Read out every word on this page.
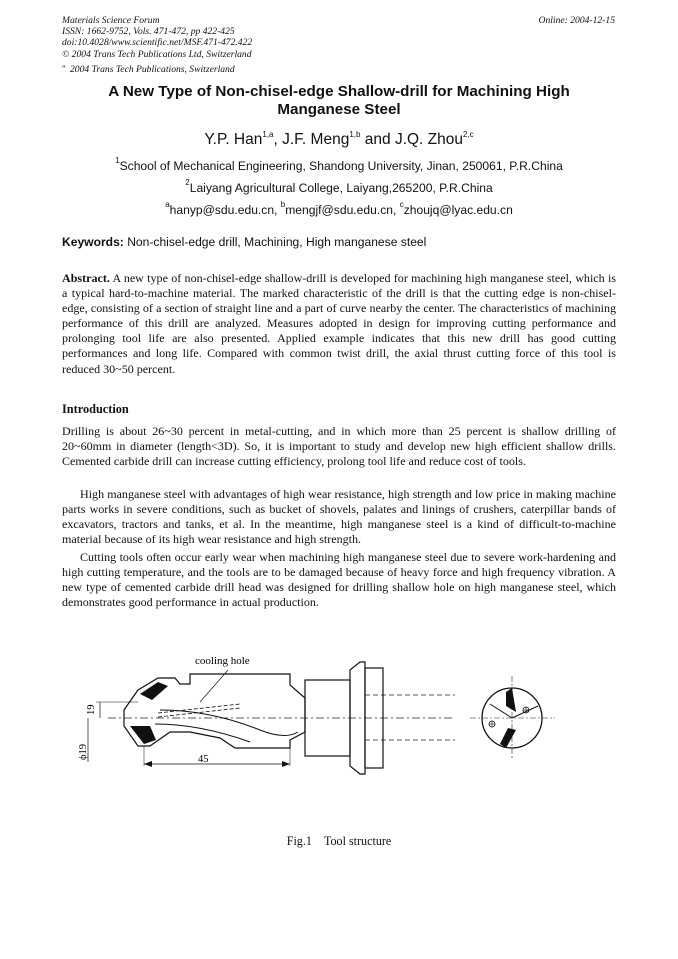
Materials Science Forum
ISSN: 1662-9752, Vols. 471-472, pp 422-425
doi:10.4028/www.scientific.net/MSF.471-472.422
© 2004 Trans Tech Publications Ltd, Switzerland
″ 2004 Trans Tech Publications, Switzerland
Online: 2004-12-15
A New Type of Non-chisel-edge Shallow-drill for Machining High
Manganese Steel
Y.P. Han$^{1,a}$, J.F. Meng$^{1,b}$ and J.Q. Zhou$^{2,c}$
$^1$School of Mechanical Engineering, Shandong University, Jinan, 250061, P.R.China
$^2$Laiyang Agricultural College, Laiyang,265200, P.R.China
$^a$hanyp@sdu.edu.cn, $^b$mengjf@sdu.edu.cn, $^c$zhoujq@lyac.edu.cn
Keywords: Non-chisel-edge drill, Machining, High manganese steel
Abstract. A new type of non-chisel-edge shallow-drill is developed for machining high manganese steel, which is a typical hard-to-machine material. The marked characteristic of the drill is that the cutting edge is non-chisel-edge, consisting of a section of straight line and a part of curve nearby the center. The characteristics of machining performance of this drill are analyzed. Measures adopted in design for improving cutting performance and prolonging tool life are also presented. Applied example indicates that this new drill has good cutting performances and long life. Compared with common twist drill, the axial thrust cutting force of this tool is reduced 30~50 percent.
Introduction
Drilling is about 26~30 percent in metal-cutting, and in which more than 25 percent is shallow drilling of 20~60mm in diameter (length<3D). So, it is important to study and develop new high efficient shallow drills. Cemented carbide drill can increase cutting efficiency, prolong tool life and reduce cost of tools.
High manganese steel with advantages of high wear resistance, high strength and low price in making machine parts works in severe conditions, such as bucket of shovels, palates and linings of crushers, caterpillar bands of excavators, tractors and tanks, et al. In the meantime, high manganese steel is a kind of difficult-to-machine material because of its high wear resistance and high strength.
Cutting tools often occur early wear when machining high manganese steel due to severe work-hardening and high cutting temperature, and the tools are to be damaged because of heavy force and high frequency vibration. A new type of cemented carbide drill head was designed for drilling shallow hole on high manganese steel, which demonstrates good performance in actual production.
cooling hole
19
ϕ19	45
Fig.1 Tool structure
